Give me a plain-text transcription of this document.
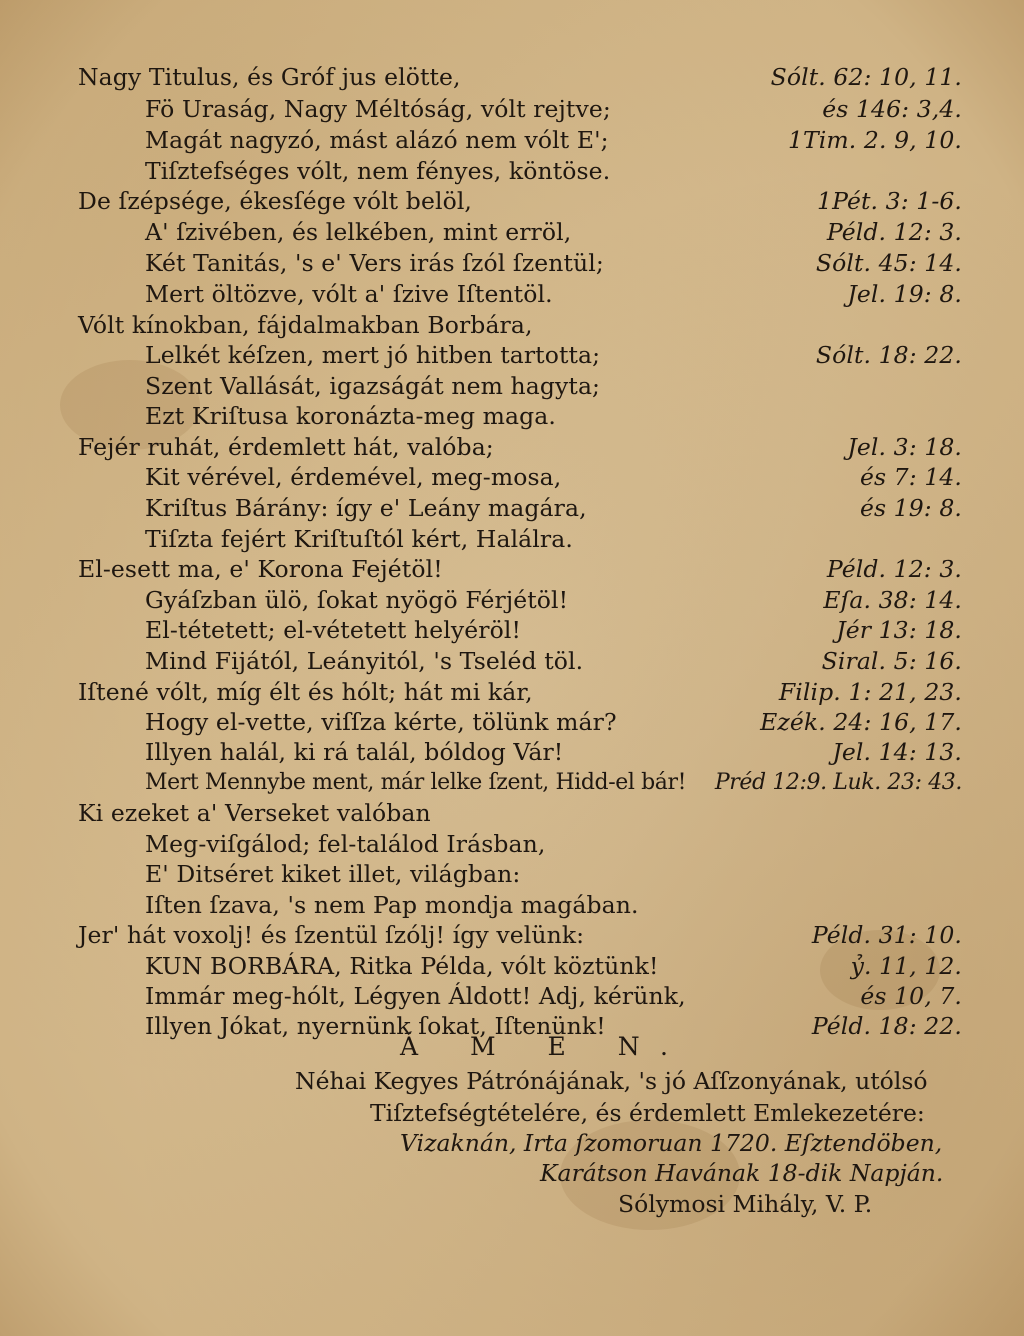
Nagy Titulus, és Gróf jus elötte,	Sólt. 62: 10, 11.
Fö Uraság, Nagy Méltóság, vólt rejtve;	és 146: 3,4.
Magát nagyzó, mást alázó nem vólt E';	1Tim. 2. 9, 10.
Tiſztefséges vólt, nem fényes, köntöse.
De ſzépsége, ékesſége vólt belöl,	1Pét. 3: 1-6.
A' ſzivében, és lelkében, mint erröl,	Péld. 12: 3.
Két Tanitás, 's e' Vers irás ſzól ſzentül;	Sólt. 45: 14.
Mert öltözve, vólt a' ſzive Iſtentöl.	Jel. 19: 8.
Vólt kínokban, fájdalmakban Borbára,
Lelkét kéſzen, mert jó hitben tartotta;	Sólt. 18: 22.
Szent Vallását, igazságát nem hagyta;
Ezt Kriſtusa koronázta-meg maga.
Fejér ruhát, érdemlett hát, valóba;	Jel. 3: 18.
Kit vérével, érdemével, meg-mosa,	és 7: 14.
Kriſtus Bárány: így e' Leány magára,	és 19: 8.
Tiſzta fejért Kriſtuſtól kért, Halálra.
El-esett ma, e' Korona Fejétöl!	Péld. 12: 3.
Gyáſzban ülö, ſokat nyögö Férjétöl!	Eſa. 38: 14.
El-tétetett; el-vétetett helyéröl!	Jér 13: 18.
Mind Fijától, Leányitól, 's Tseléd töl.	Siral. 5: 16.
Iſtené vólt, míg élt és hólt; hát mi kár,	Filip. 1: 21, 23.
Hogy el-vette, viſſza kérte, tölünk már?	Ezék. 24: 16, 17.
Illyen halál, ki rá talál, bóldog Vár!	Jel. 14: 13.
Mert Mennybe ment, már lelke ſzent, Hidd-el bár! Préd 12:9. Luk. 23: 43.
Ki ezeket a' Verseket valóban
Meg-viſgálod; fel-találod Irásban,
E' Ditséret kiket illet, világban:
Iſten ſzava, 's nem Pap mondja magában.
Jer' hát voxolj! és ſzentül ſzólj! így velünk:	Péld. 31: 10.
KUN BORBÁRA, Ritka Példa, vólt köztünk!	ỷ. 11, 12.
Immár meg-hólt, Légyen Áldott! Adj, kérünk,	és 10, 7.
Illyen Jókat, nyernünk ſokat, Iſtenünk!	Péld. 18: 22.
Á M E N.
Néhai Kegyes Pátrónájának, 's jó Aſſzonyának, utólsó
Tiſztefségtételére, és érdemlett Emlekezetére:
Vizaknán, Irta ſzomoruan 1720. Eſztendöben,
Karátson Havának 18-dik Napján.
Sólymosi Mihály, V. P.
